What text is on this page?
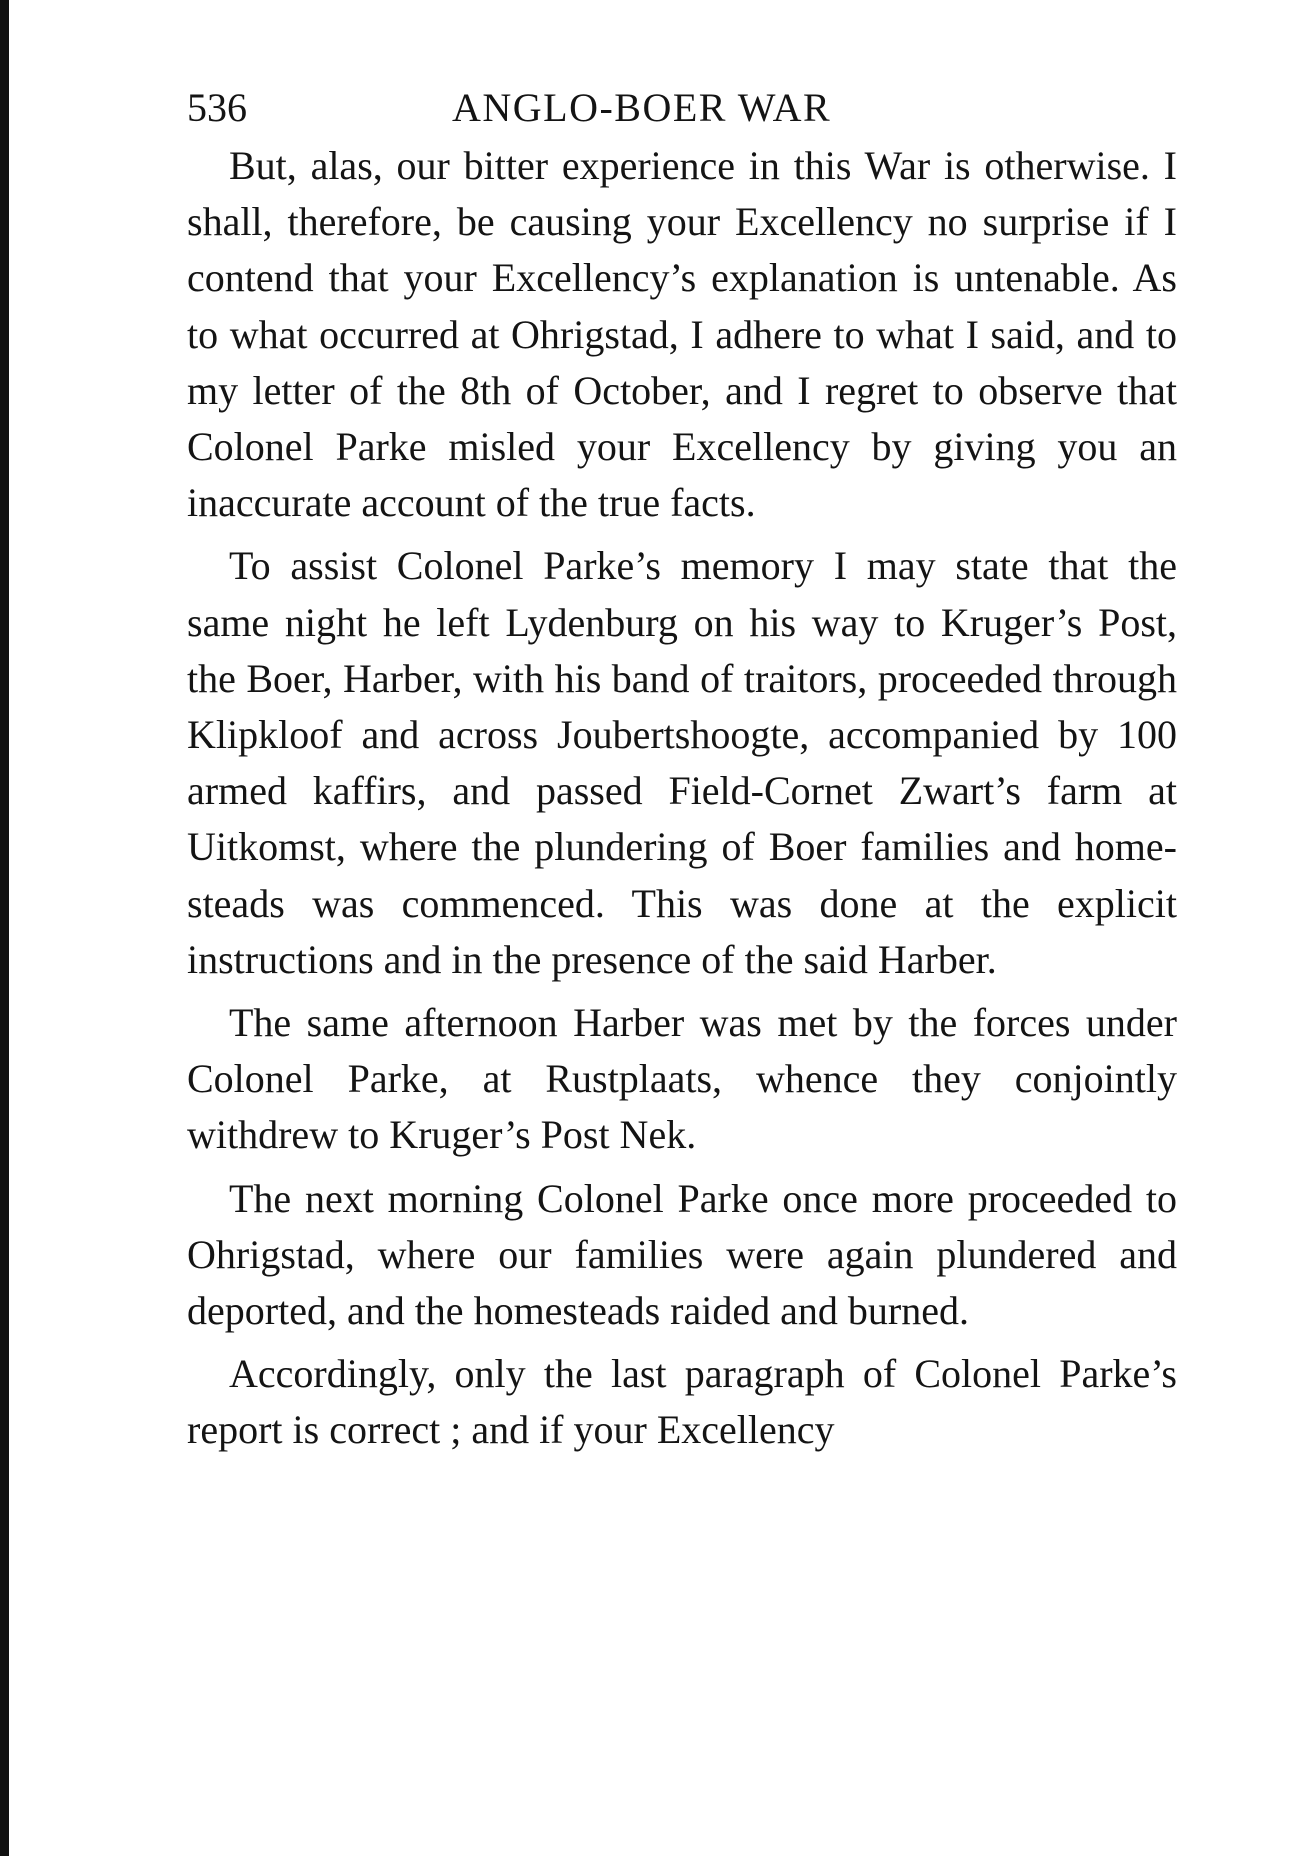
536	ANGLO-BOER WAR

But, alas, our bitter experience in this War is otherwise. I shall, therefore, be causing your Excellency no surprise if I contend that your Excellency’s explanation is untenable. As to what occurred at Ohrigstad, I adhere to what I said, and to my letter of the 8th of October, and I regret to observe that Colonel Parke misled your Excellency by giving you an inaccurate account of the true facts.

To assist Colonel Parke’s memory I may state that the same night he left Lydenburg on his way to Kruger’s Post, the Boer, Harber, with his band of traitors, proceeded through Klipkloof and across Joubertshoogte, accompanied by 100 armed kaffirs, and passed Field-Cornet Zwart’s farm at Uitkomst, where the plundering of Boer families and homesteads was commenced. This was done at the explicit instructions and in the presence of the said Harber.

The same afternoon Harber was met by the forces under Colonel Parke, at Rustplaats, whence they conjointly withdrew to Kruger’s Post Nek.

The next morning Colonel Parke once more proceeded to Ohrigstad, where our families were again plundered and deported, and the homesteads raided and burned.

Accordingly, only the last paragraph of Colonel Parke’s report is correct ; and if your Excellency
